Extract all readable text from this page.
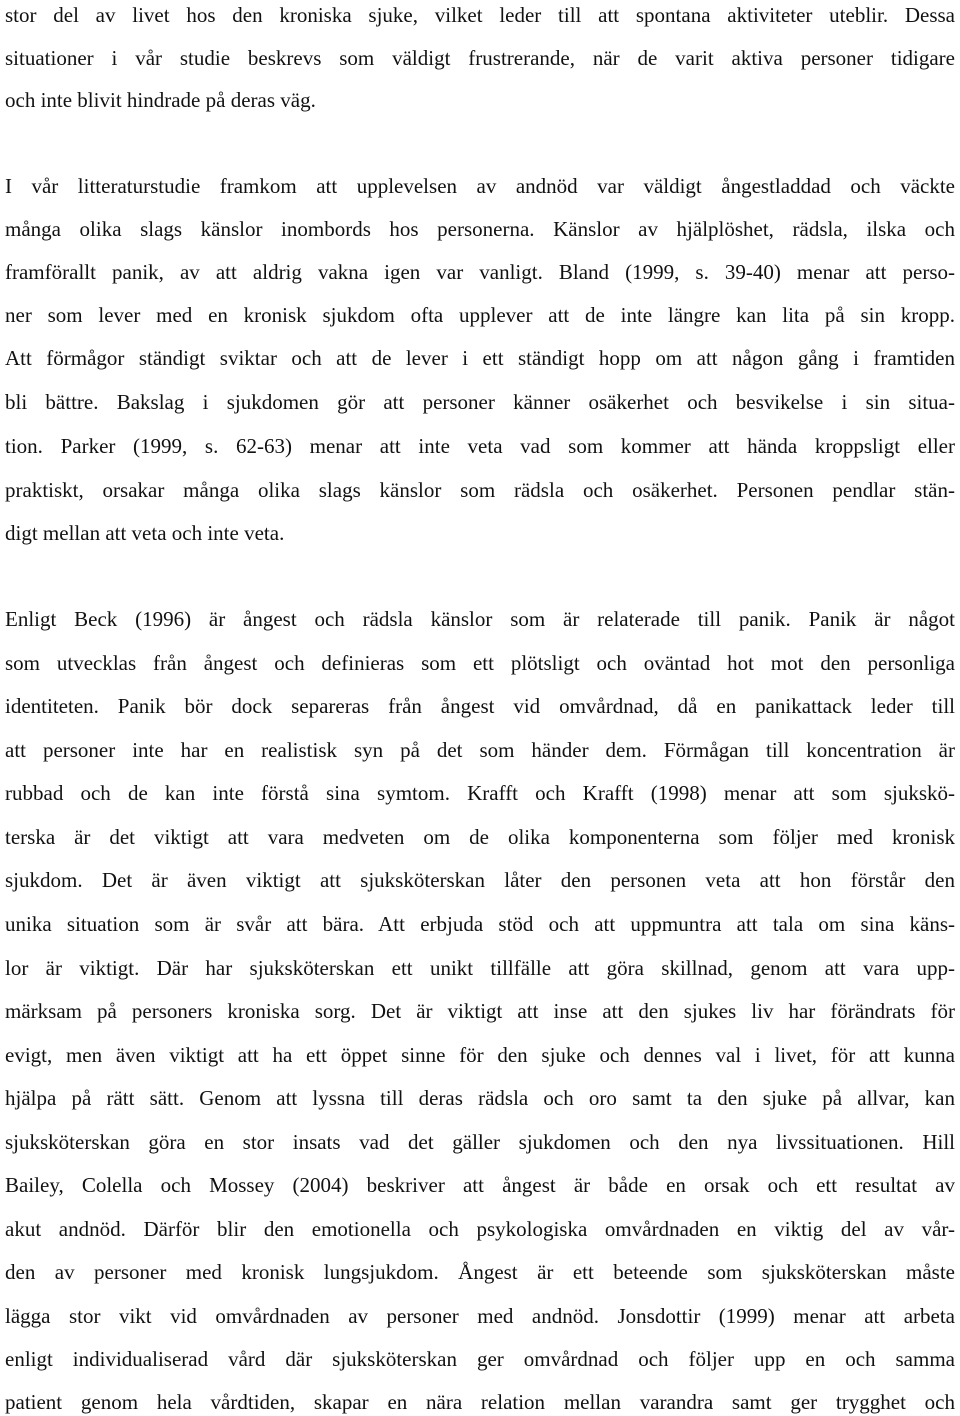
stor del av livet hos den kroniska sjuke, vilket leder till att spontana aktiviteter uteblir. Dessa
situationer i vår studie beskrevs som väldigt frustrerande, när de varit aktiva personer tidigare
och inte blivit hindrade på deras väg.
I vår litteraturstudie framkom att upplevelsen av andnöd var väldigt ångestladdad och väckte
många olika slags känslor inombords hos personerna. Känslor av hjälplöshet, rädsla, ilska och
framförallt panik, av att aldrig vakna igen var vanligt. Bland (1999, s. 39-40) menar att perso-
ner som lever med en kronisk sjukdom ofta upplever att de inte längre kan lita på sin kropp.
Att förmågor ständigt sviktar och att de lever i ett ständigt hopp om att någon gång i framtiden
bli bättre. Bakslag i sjukdomen gör att personer känner osäkerhet och besvikelse i sin situa-
tion. Parker (1999, s. 62-63) menar att inte veta vad som kommer att hända kroppsligt eller
praktiskt, orsakar många olika slags känslor som rädsla och osäkerhet. Personen pendlar stän-
digt mellan att veta och inte veta.
Enligt Beck (1996) är ångest och rädsla känslor som är relaterade till panik. Panik är något
som utvecklas från ångest och definieras som ett plötsligt och oväntad hot mot den personliga
identiteten. Panik bör dock separeras från ångest vid omvårdnad, då en panikattack leder till
att personer inte har en realistisk syn på det som händer dem. Förmågan till koncentration är
rubbad och de kan inte förstå sina symtom. Krafft och Krafft (1998) menar att som sjukskö-
terska är det viktigt att vara medveten om de olika komponenterna som följer med kronisk
sjukdom. Det är även viktigt att sjuksköterskan låter den personen veta att hon förstår den
unika situation som är svår att bära. Att erbjuda stöd och att uppmuntra att tala om sina käns-
lor är viktigt. Där har sjuksköterskan ett unikt tillfälle att göra skillnad, genom att vara upp-
märksam på personers kroniska sorg. Det är viktigt att inse att den sjukes liv har förändrats för
evigt, men även viktigt att ha ett öppet sinne för den sjuke och dennes val i livet, för att kunna
hjälpa på rätt sätt. Genom att lyssna till deras rädsla och oro samt ta den sjuke på allvar, kan
sjuksköterskan göra en stor insats vad det gäller sjukdomen och den nya livssituationen. Hill
Bailey, Colella och Mossey (2004) beskriver att ångest är både en orsak och ett resultat av
akut andnöd. Därför blir den emotionella och psykologiska omvårdnaden en viktig del av vår-
den av personer med kronisk lungsjukdom. Ångest är ett beteende som sjuksköterskan måste
lägga stor vikt vid omvårdnaden av personer med andnöd. Jonsdottir (1999) menar att arbeta
enligt individualiserad vård där sjuksköterskan ger omvårdnad och följer upp en och samma
patient genom hela vårdtiden, skapar en nära relation mellan varandra samt ger trygghet och
